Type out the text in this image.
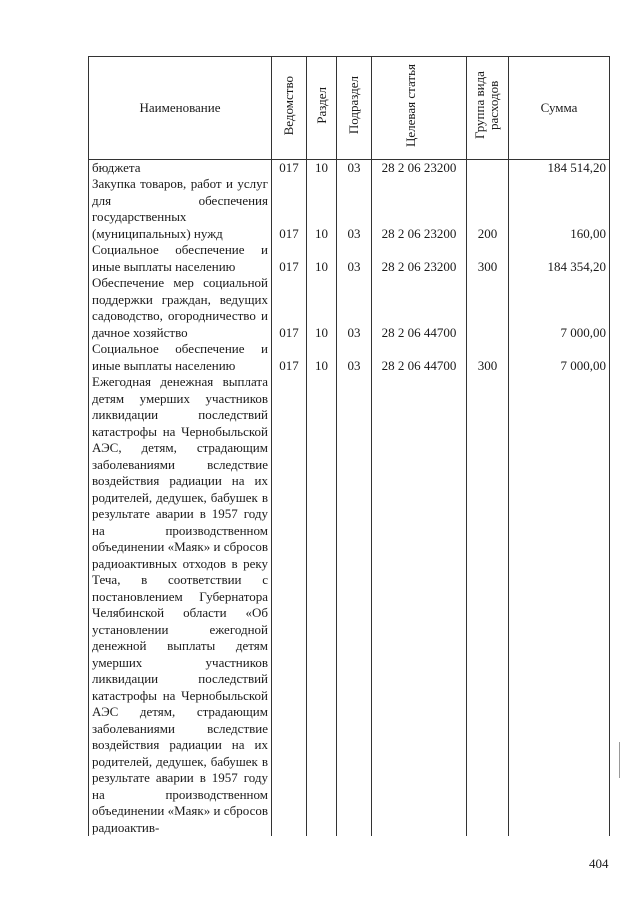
Наименование	Ведомство	Раздел	Подраздел	Целевая статья	Группа вида расходов	Сумма
бюджета	017	10	03	28 2 06 23200		184 514,20
Закупка товаров, работ и услуг для обеспечения государственных (муниципальных) нужд	017	10	03	28 2 06 23200	200	160,00
Социальное обеспечение и иные выплаты населению	017	10	03	28 2 06 23200	300	184 354,20
Обеспечение мер социальной поддержки граждан, ведущих садоводство, огородничество и дачное хозяйство	017	10	03	28 2 06 44700		7 000,00
Социальное обеспечение и иные выплаты населению	017	10	03	28 2 06 44700	300	7 000,00
Ежегодная денежная выплата детям умерших участников ликвидации последствий катастрофы на Чернобыльской АЭС, детям, страдающим заболеваниями вследствие воздействия радиации на их родителей, дедушек, бабушек в результате аварии в 1957 году на производственном объединении «Маяк» и сбросов радиоактивных отходов в реку Теча, в соответствии с постановлением Губернатора Челябинской области «Об установлении ежегодной денежной выплаты детям умерших участников ликвидации последствий катастрофы на Чернобыльской АЭС детям, страдающим заболеваниями вследствие воздействия радиации на их родителей, дедушек, бабушек в результате аварии в 1957 году на производственном объединении «Маяк» и сбросов радиоактив-						
404
